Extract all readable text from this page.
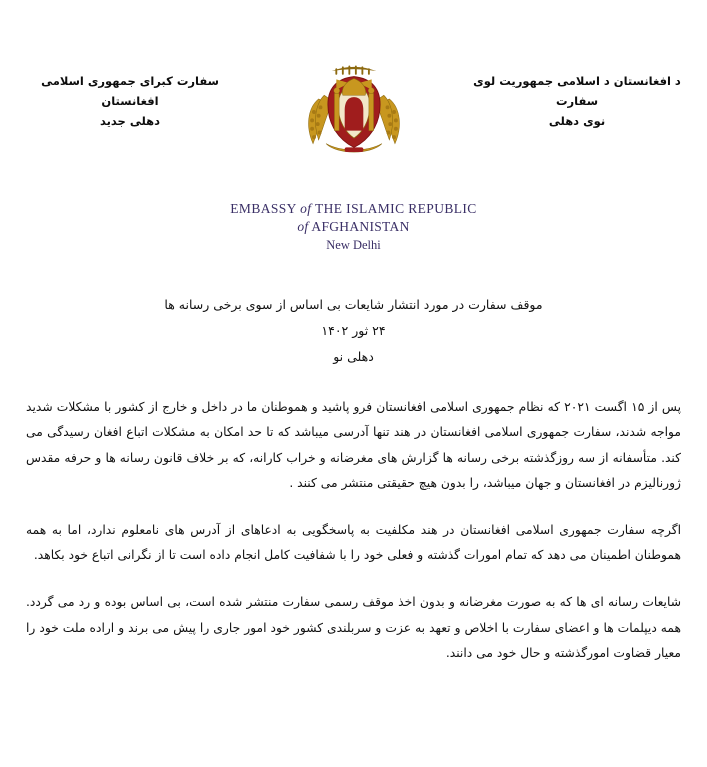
سفارت کبرای جمهوری اسلامی افغانستان
دهلی جدید
د افغانستان د اسلامی جمهوریت لوی سفارت
نوی دهلی
EMBASSY of THE ISLAMIC REPUBLIC
of AFGHANISTAN
New Delhi
موقف سفارت در مورد انتشار شایعات بی اساس از سوی برخی رسانه ها
۲۴ ثور ۱۴۰۲
دهلی نو

پس از ۱۵ اگست ۲۰۲۱ که نظام جمهوری اسلامی افغانستان فرو پاشید و هموطنان ما در داخل و خارج از کشور با مشکلات شدید مواجه شدند، سفارت جمهوری اسلامی افغانستان در هند تنها آدرسی میباشد که تا حد امکان به مشکلات اتباع افغان رسیدگی می کند. متأسفانه از سه روزگذشته برخی رسانه ها گزارش های مغرضانه و خراب کارانه، که بر خلاف قانون رسانه ها و حرفه مقدس ژورنالیزم در افغانستان و جهان میباشد، را بدون هیچ حقیقتی منتشر می کنند .

اگرچه سفارت جمهوری اسلامی افغانستان در هند مکلفیت به پاسخگویی به ادعاهای از آدرس های نامعلوم ندارد، اما به همه هموطنان اطمینان می دهد که تمام امورات گذشته و فعلی خود را با شفافیت کامل انجام داده است تا از نگرانی اتباع خود بکاهد.

شایعات رسانه ای ها که به صورت مغرضانه و بدون اخذ موقف رسمی سفارت منتشر شده است، بی اساس بوده و رد می گردد. همه دیپلمات ها و اعضای سفارت با اخلاص و تعهد به عزت و سربلندی کشور خود امور جاری را پیش می برند و اراده ملت خود را معیار قضاوت امورگذشته و حال خود می دانند.
